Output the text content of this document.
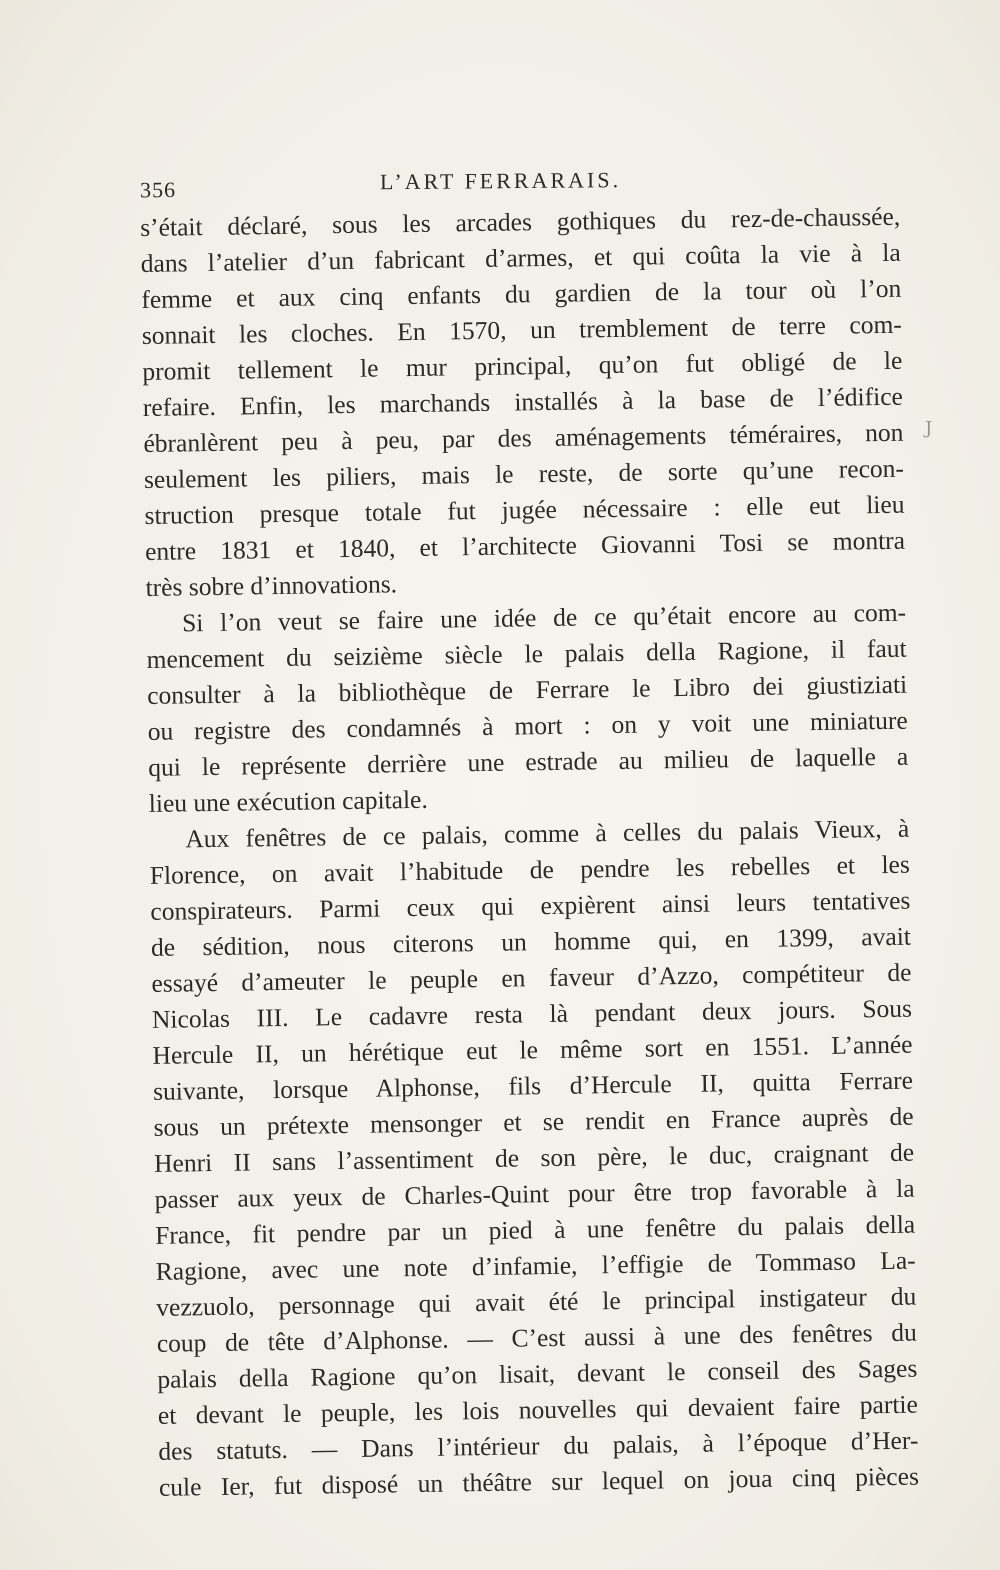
356	L’ART FERRARAIS.
s’était déclaré, sous les arcades gothiques du rez-de-chaussée,
dans l’atelier d’un fabricant d’armes, et qui coûta la vie à la
femme et aux cinq enfants du gardien de la tour où l’on
sonnait les cloches. En 1570, un tremblement de terre com-
promit tellement le mur principal, qu’on fut obligé de le
refaire. Enfin, les marchands installés à la base de l’édifice
ébranlèrent peu à peu, par des aménagements téméraires, non
seulement les piliers, mais le reste, de sorte qu’une recon-
struction presque totale fut jugée nécessaire : elle eut lieu
entre 1831 et 1840, et l’architecte Giovanni Tosi se montra
très sobre d’innovations.
Si l’on veut se faire une idée de ce qu’était encore au com-
mencement du seizième siècle le palais della Ragione, il faut
consulter à la bibliothèque de Ferrare le Libro dei giustiziati
ou registre des condamnés à mort : on y voit une miniature
qui le représente derrière une estrade au milieu de laquelle a
lieu une exécution capitale.
Aux fenêtres de ce palais, comme à celles du palais Vieux, à
Florence, on avait l’habitude de pendre les rebelles et les
conspirateurs. Parmi ceux qui expièrent ainsi leurs tentatives
de sédition, nous citerons un homme qui, en 1399, avait
essayé d’ameuter le peuple en faveur d’Azzo, compétiteur de
Nicolas III. Le cadavre resta là pendant deux jours. Sous
Hercule II, un hérétique eut le même sort en 1551. L’année
suivante, lorsque Alphonse, fils d’Hercule II, quitta Ferrare
sous un prétexte mensonger et se rendit en France auprès de
Henri II sans l’assentiment de son père, le duc, craignant de
passer aux yeux de Charles-Quint pour être trop favorable à la
France, fit pendre par un pied à une fenêtre du palais della
Ragione, avec une note d’infamie, l’effigie de Tommaso La-
vezzuolo, personnage qui avait été le principal instigateur du
coup de tête d’Alphonse. — C’est aussi à une des fenêtres du
palais della Ragione qu’on lisait, devant le conseil des Sages
et devant le peuple, les lois nouvelles qui devaient faire partie
des statuts. — Dans l’intérieur du palais, à l’époque d’Her-
cule Ier, fut disposé un théâtre sur lequel on joua cinq pièces
J
